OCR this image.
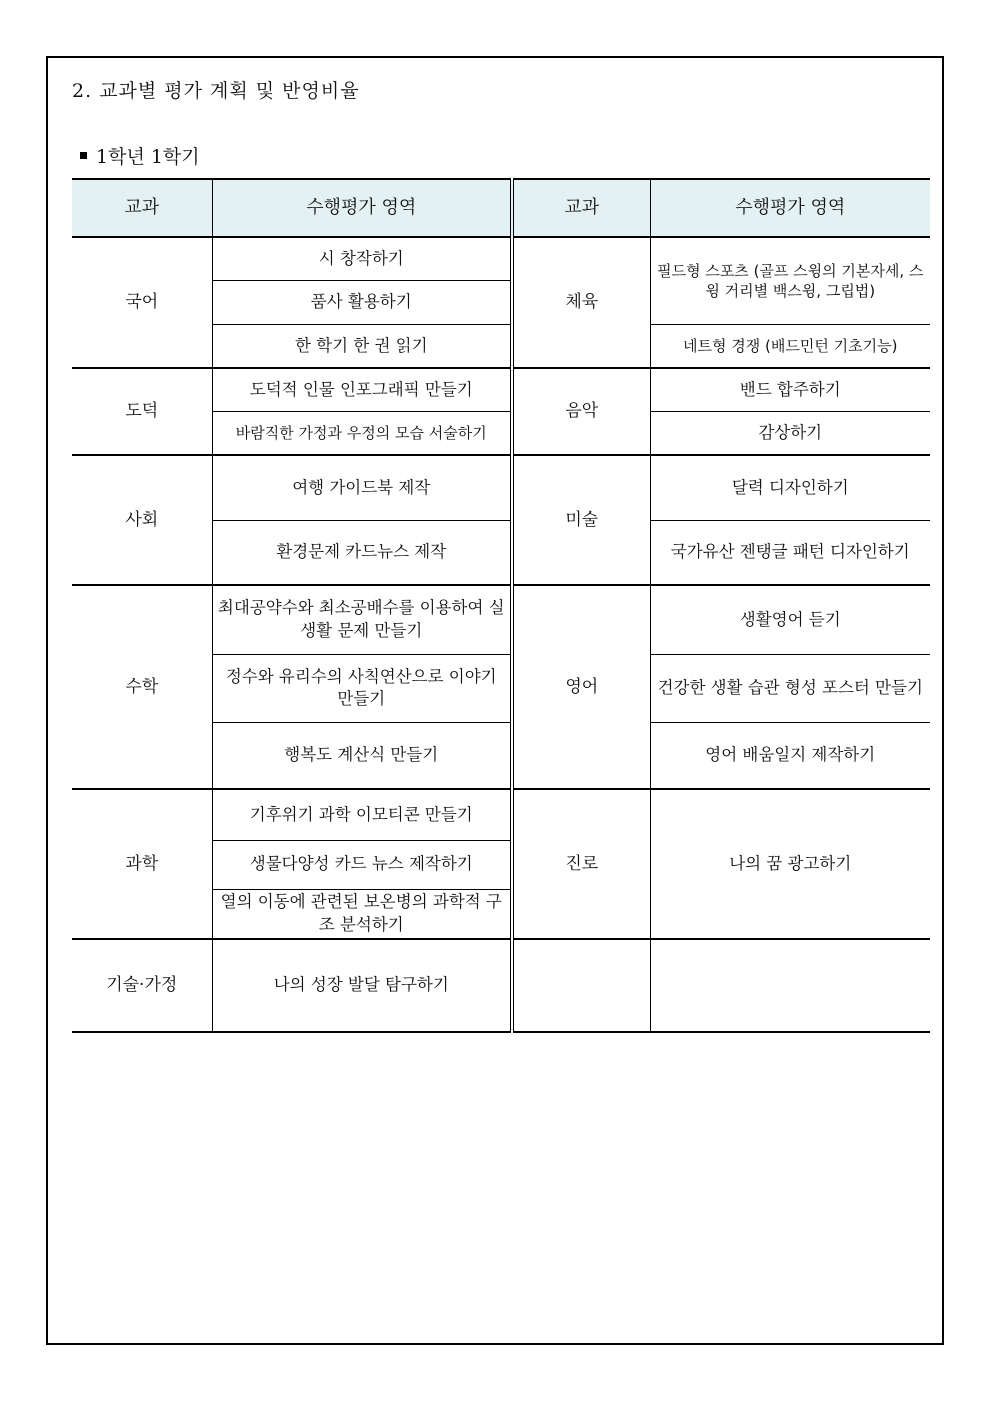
2. 교과별 평가 계획 및 반영비율
1학년 1학기
교과	수행평가 영역	교과	수행평가 영역
국어	시 창작하기	체육	필드형 스포츠 (골프 스윙의 기본자세, 스윙 거리별 백스윙, 그립법)
	품사 활용하기		
	한 학기 한 권 읽기		네트형 경쟁 (배드민턴 기초기능)
도덕	도덕적 인물 인포그래픽 만들기	음악	밴드 합주하기
	바람직한 가정과 우정의 모습 서술하기		감상하기
사회	여행 가이드북 제작	미술	달력 디자인하기
	환경문제 카드뉴스 제작		국가유산 젠탱글 패턴 디자인하기
수학	최대공약수와 최소공배수를 이용하여 실생활 문제 만들기	영어	생활영어 듣기
	정수와 유리수의 사칙연산으로 이야기 만들기		건강한 생활 습관 형성 포스터 만들기
	행복도 계산식 만들기		영어 배움일지 제작하기
과학	기후위기 과학 이모티콘 만들기	진로	나의 꿈 광고하기
	생물다양성 카드 뉴스 제작하기		
	열의 이동에 관련된 보온병의 과학적 구조 분석하기		
기술·가정	나의 성장 발달 탐구하기		
